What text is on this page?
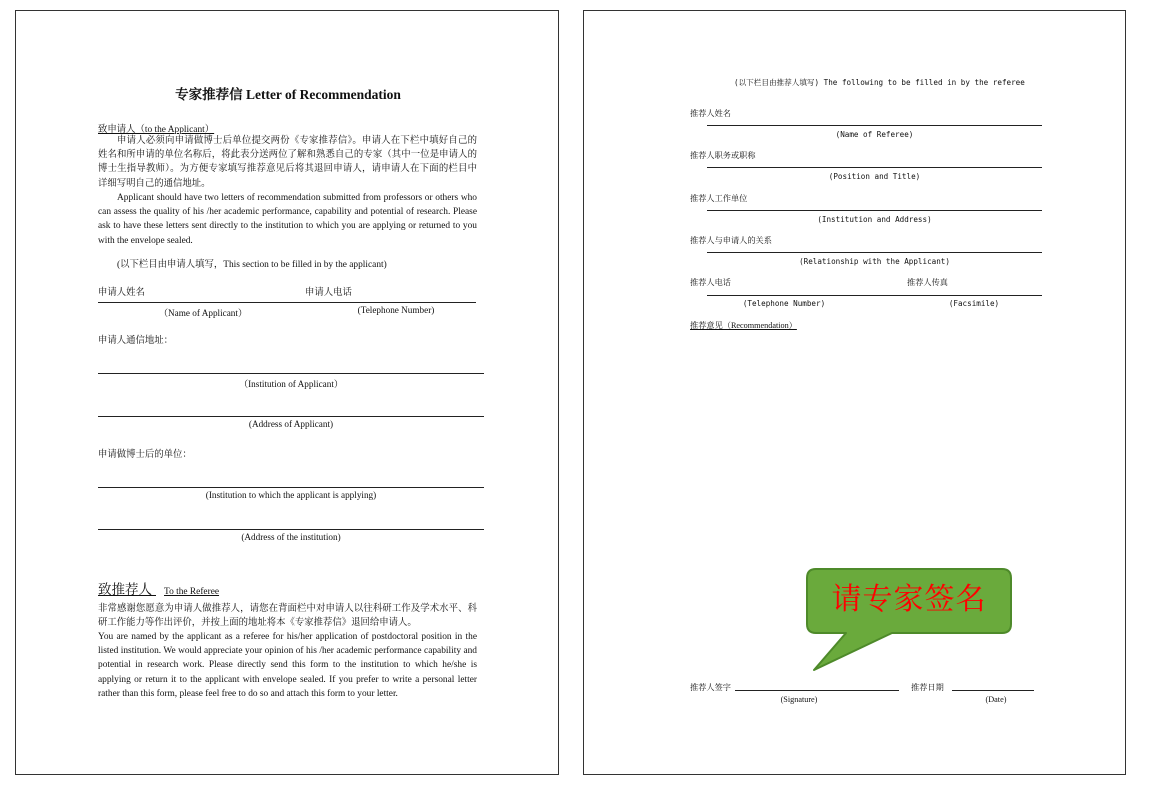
专家推荐信 Letter of Recommendation
致申请人（to the Applicant）
申请人必须向申请做博士后单位提交两份《专家推荐信》。申请人在下栏中填好自己的姓名和所申请的单位名称后，将此表分送两位了解和熟悉自己的专家（其中一位是申请人的博士生指导教师）。为方便专家填写推荐意见后将其退回申请人，请申请人在下面的栏目中详细写明自己的通信地址。
Applicant should have two letters of recommendation submitted from professors or others who can assess the quality of his /her academic performance, capability and potential of research. Please ask to have these letters sent directly to the institution to which you are applying or returned to you with the envelope sealed.
(以下栏目由申请人填写，This section to be filled in by the applicant)
申请人姓名	申请人电话
（Name of Applicant）	(Telephone Number)
申请人通信地址：
（Institution of Applicant）
(Address of Applicant)
申请做博士后的单位：
(Institution to which the applicant is applying)
(Address of the institution)
致推荐人 To the Referee
非常感谢您愿意为申请人做推荐人，请您在背面栏中对申请人以往科研工作及学术水平、科研工作能力等作出评价，并按上面的地址将本《专家推荐信》退回给申请人。
You are named by the applicant as a referee for his/her application of postdoctoral position in the listed institution. We would appreciate your opinion of his /her academic performance capability and potential in research work. Please directly send this form to the institution to which he/she is applying or return it to the applicant with envelope sealed. If you prefer to write a personal letter rather than this form, please feel free to do so and attach this form to your letter.
(以下栏目由推荐人填写) The following to be filled in by the referee
推荐人姓名
(Name of Referee)
推荐人职务或职称
(Position and Title)
推荐人工作单位
(Institution and Address)
推荐人与申请人的关系
(Relationship with the Applicant)
推荐人电话	推荐人传真
(Telephone Number)	(Facsimile)
推荐意见（Recommendation）
推荐人签字	推荐日期
(Signature)	(Date)
请专家签名
